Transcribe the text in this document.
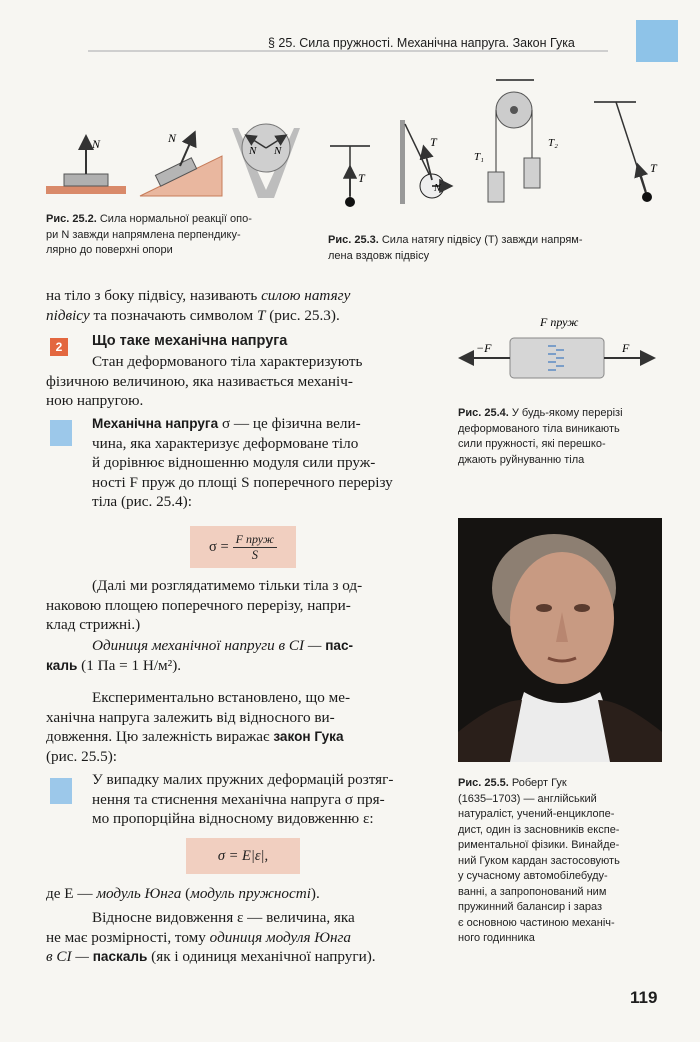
§ 25. Сила пружності. Механічна напруга. Закон Гука
N	N
N N
T
T
N
T₁
T₂
T
Рис. 25.2. Сила нормальної реакції опо-
ри N завжди напрямлена перпендику-
лярно до поверхні опори
Рис. 25.3. Сила натягу підвісу (T) завжди напрям-
лена вздовж підвісу
на тіло з боку підвісу, називають силою натягу
підвісу та позначають символом T (рис. 25.3).
2	Що таке механічна напруга
Стан деформованого тіла характеризують
фізичною величиною, яка називається механіч-
ною напругою.
Механічна напруга σ — це фізична вели-
чина, яка характеризує деформоване тіло
й дорівнює відношенню модуля сили пруж-
ності F пруж до площі S поперечного перерізу
тіла (рис. 25.4):
$\sigma = \frac{\text{F пруж}}{S}$
(Далі ми розглядатимемо тільки тіла з од-
наковою площею поперечного перерізу, напри-
клад стрижні.)
Одиниця механічної напруги в СІ — пас-
каль (1 Па = 1 Н/м²).
Експериментально встановлено, що ме-
ханічна напруга залежить від відносного ви-
довження. Цю залежність виражає закон Гука
(рис. 25.5):
У випадку малих пружних деформацій розтяг-
нення та стиснення механічна напруга σ пря-
мо пропорційна відносному видовженню ε:
σ = E|ε|,
де E — модуль Юнга (модуль пружності).
Відносне видовження ε — величина, яка
не має розмірності, тому одиниця модуля Юнга
в СІ — паскаль (як і одиниця механічної напруги).
F пруж
−F	F
Рис. 25.4. У будь-якому перерізі
деформованого тіла виникають
сили пружності, які перешко-
джають руйнуванню тіла
Рис. 25.5. Роберт Гук
(1635–1703) — англійський
натураліст, учений-енциклопе-
дист, один із засновників експе-
риментальної фізики. Винайде-
ний Гуком кардан застосовують
у сучасному автомобілебуду-
ванні, а запропонований ним
пружинний балансир і зараз
є основною частиною механіч-
ного годинника
119
